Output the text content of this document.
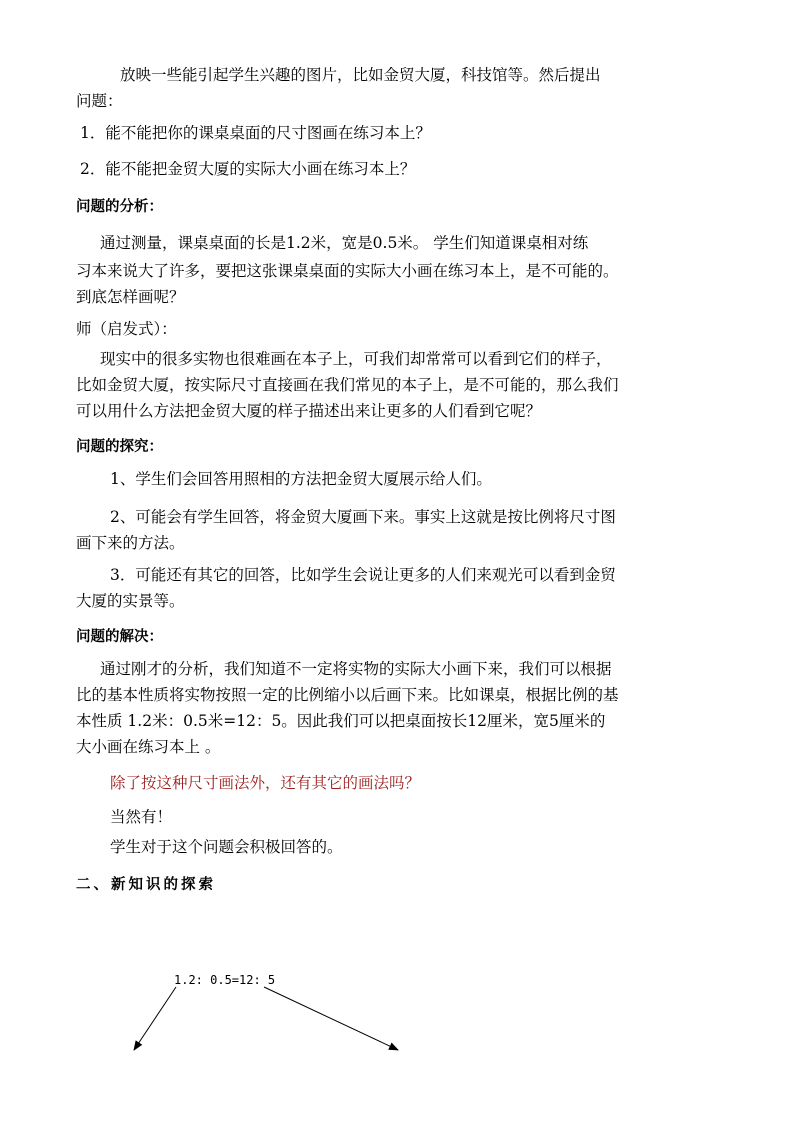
放映一些能引起学生兴趣的图片，比如金贸大厦，科技馆等。然后提出
问题：
1．能不能把你的课桌桌面的尺寸图画在练习本上？
2．能不能把金贸大厦的实际大小画在练习本上？
问题的分析：
通过测量，课桌桌面的长是1.2米，宽是0.5米。 学生们知道课桌相对练
习本来说大了许多，要把这张课桌桌面的实际大小画在练习本上，是不可能的。
到底怎样画呢？
师（启发式）：
现实中的很多实物也很难画在本子上，可我们却常常可以看到它们的样子，
比如金贸大厦，按实际尺寸直接画在我们常见的本子上，是不可能的，那么我们
可以用什么方法把金贸大厦的样子描述出来让更多的人们看到它呢？
问题的探究：
1、学生们会回答用照相的方法把金贸大厦展示给人们。
2、可能会有学生回答，将金贸大厦画下来。事实上这就是按比例将尺寸图
画下来的方法。
3．可能还有其它的回答，比如学生会说让更多的人们来观光可以看到金贸
大厦的实景等。
问题的解决：
通过刚才的分析，我们知道不一定将实物的实际大小画下来，我们可以根据
比的基本性质将实物按照一定的比例缩小以后画下来。比如课桌，根据比例的基
本性质 1.2米：0.5米=12：5。因此我们可以把桌面按长12厘米，宽5厘米的
大小画在练习本上 。
除了按这种尺寸画法外，还有其它的画法吗？
当然有！
学生对于这个问题会积极回答的。
二、新知识的探索
1.2: 0.5=12: 5
